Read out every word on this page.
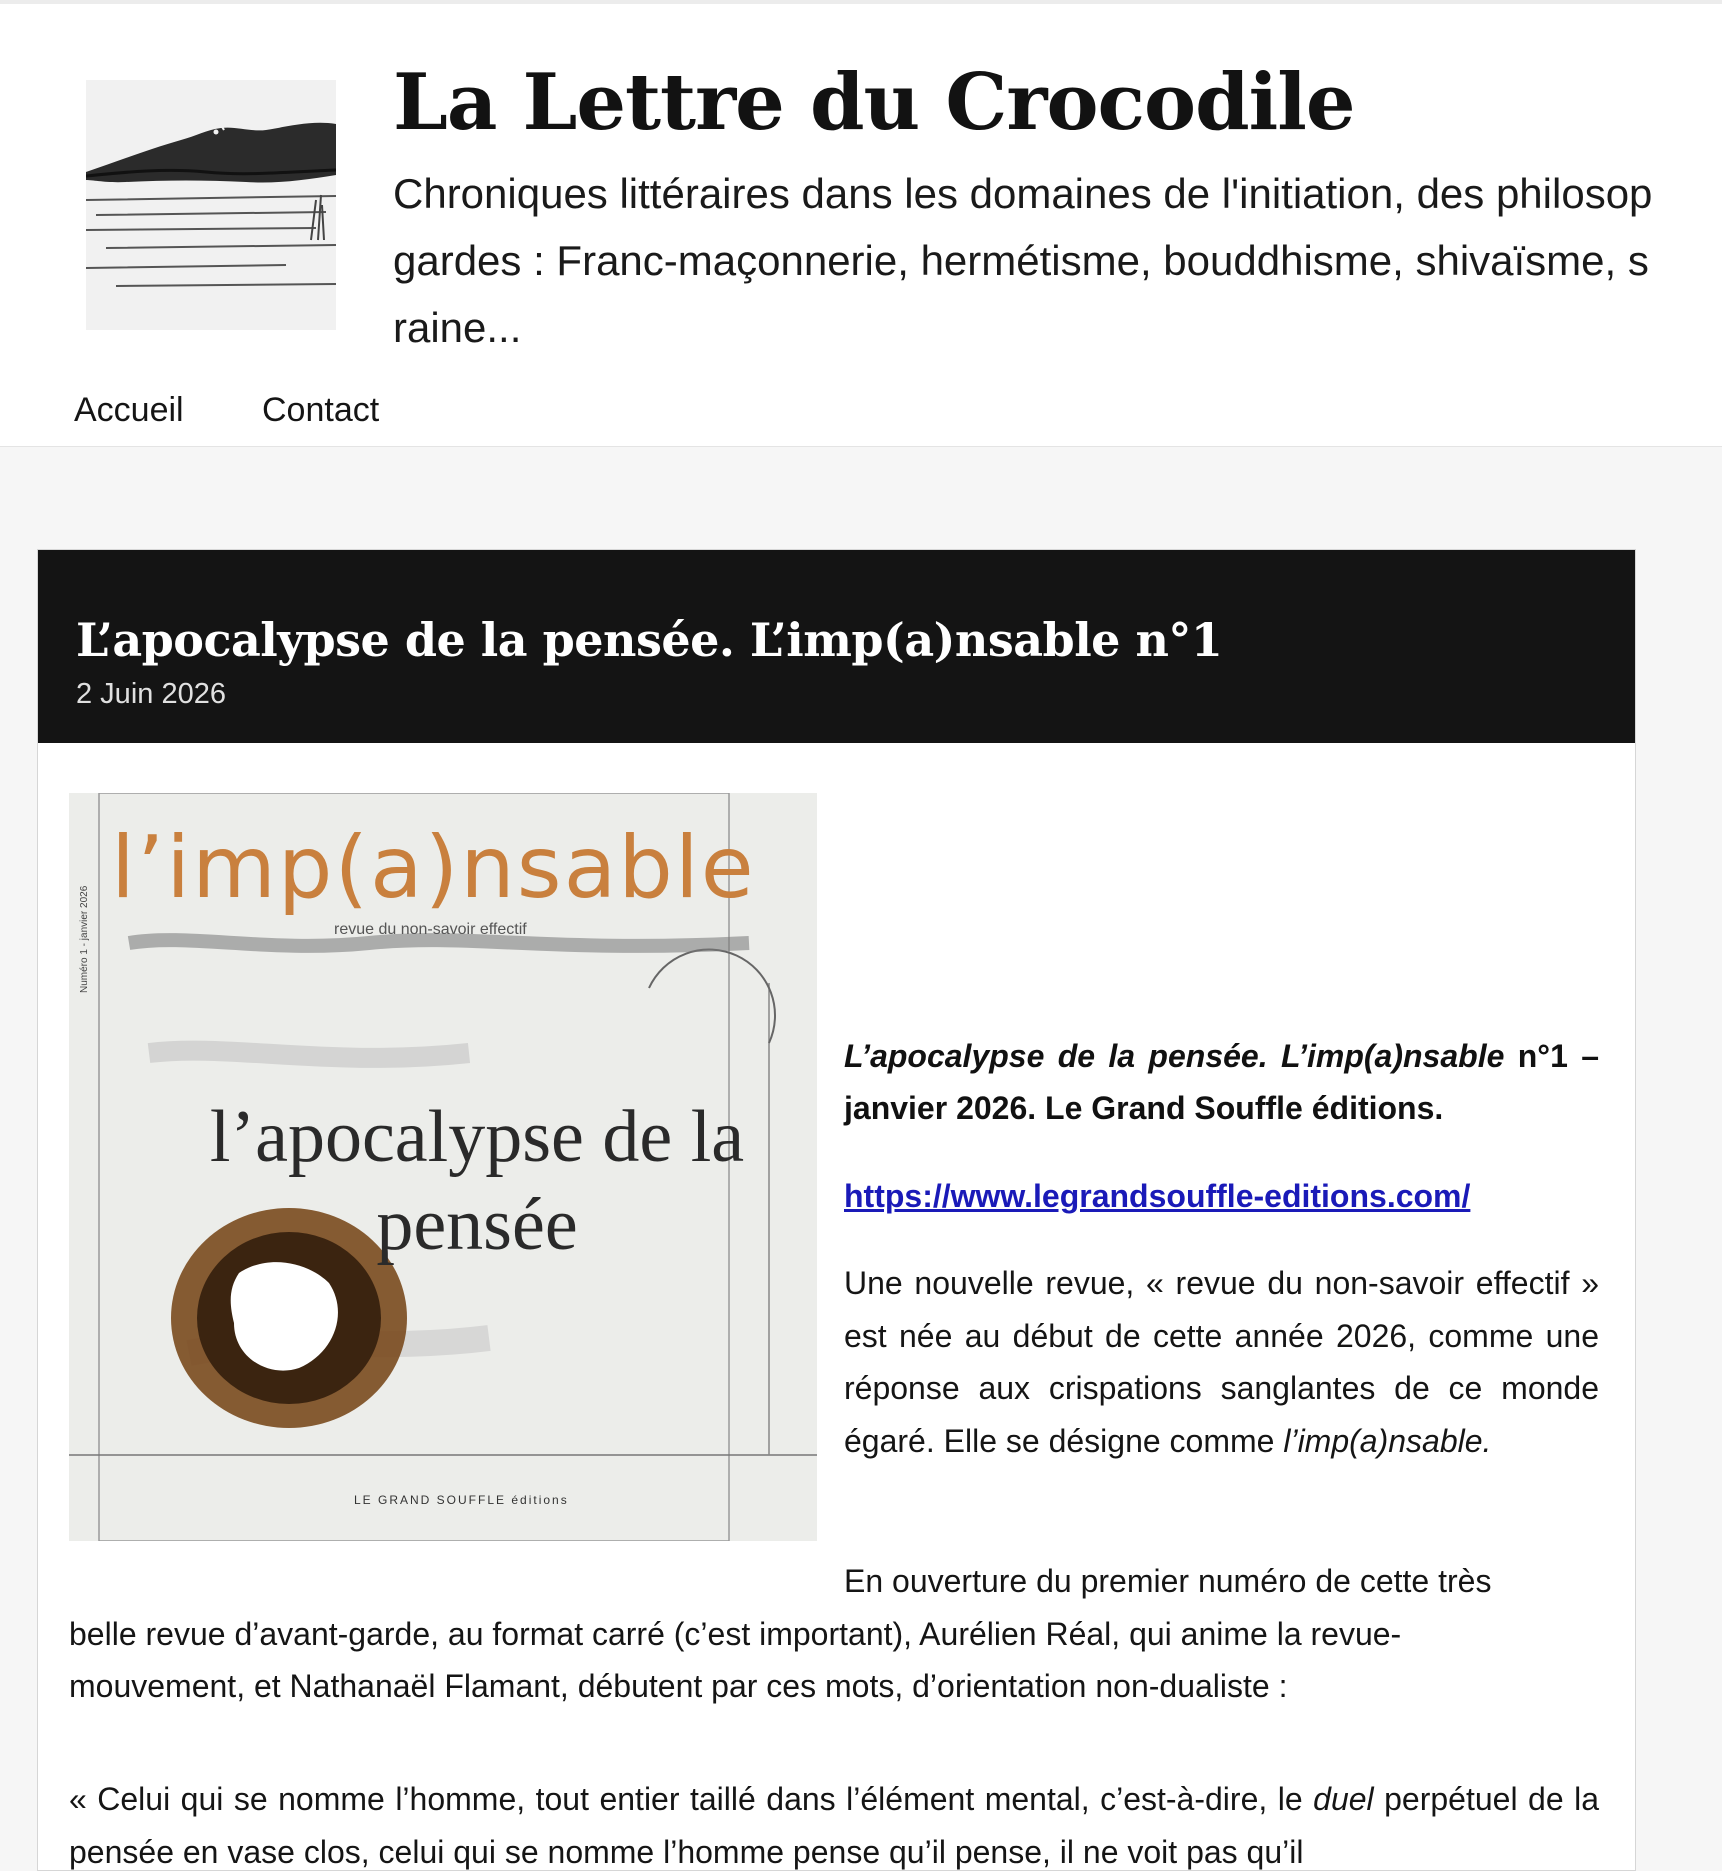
La Lettre du Crocodile
Chroniques littéraires dans les domaines de l'initiation, des philosop
gardes : Franc-maçonnerie, hermétisme, bouddhisme, shivaïsme, s
raine...
Accueil Contact
L’apocalypse de la pensée. L’imp(a)nsable n°1
2 Juin 2026
l’imp(a)nsable
revue du non-savoir effectif
Numéro 1 - janvier 2026
l’apocalypse de la pensée
LE GRAND SOUFFLE éditions

L’apocalypse de la pensée. L’imp(a)nsable n°1 – janvier 2026. Le Grand Souffle éditions.

https://www.legrandsouffle-editions.com/

Une nouvelle revue, « revue du non-savoir effectif » est née au début de cette année 2026, comme une réponse aux crispations sanglantes de ce monde égaré. Elle se désigne comme l’imp(a)nsable.

En ouverture du premier numéro de cette très
belle revue d’avant-garde, au format carré (c’est important), Aurélien Réal, qui anime la revue-
mouvement, et Nathanaël Flamant, débutent par ces mots, d’orientation non-dualiste :

« Celui qui se nomme l’homme, tout entier taillé dans l’élément mental, c’est-à-dire, le duel perpétuel de la pensée en vase clos, celui qui se nomme l’homme pense qu’il pense, il ne voit pas qu’il
